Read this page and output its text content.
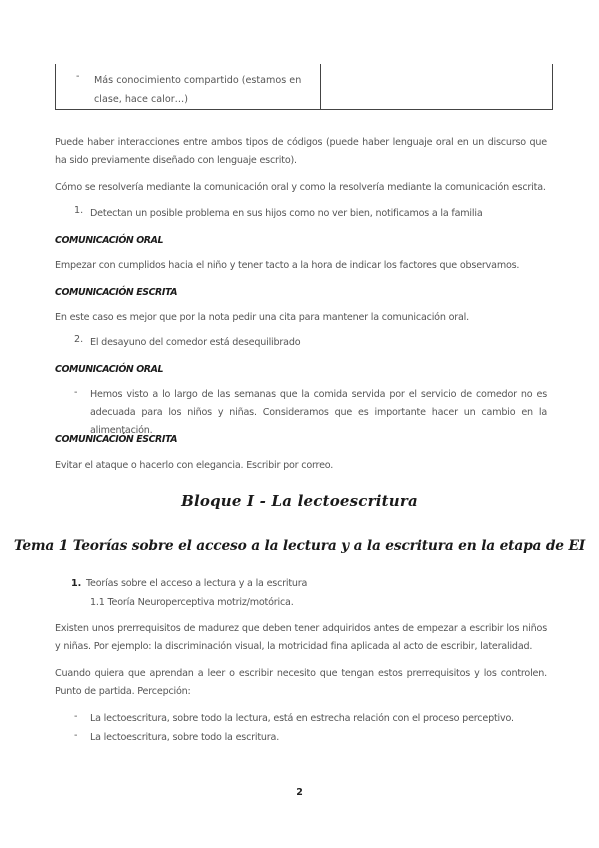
- Más conocimiento compartido (estamos en clase, hace calor…)
Puede haber interacciones entre ambos tipos de códigos (puede haber lenguaje oral en un discurso que ha sido previamente diseñado con lenguaje escrito).
Cómo se resolvería mediante la comunicación oral y como la resolvería mediante la comunicación escrita.
1. Detectan un posible problema en sus hijos como no ver bien, notificamos a la familia
COMUNICACIÓN ORAL
Empezar con cumplidos hacia el niño y tener tacto a la hora de indicar los factores que observamos.
COMUNICACIÓN ESCRITA
En este caso es mejor que por la nota pedir una cita para mantener la comunicación oral.
2. El desayuno del comedor está desequilibrado
COMUNICACIÓN ORAL
- Hemos visto a lo largo de las semanas que la comida servida por el servicio de comedor no es adecuada para los niños y niñas. Consideramos que es importante hacer un cambio en la alimentación.
COMUNICACIÓN ESCRITA
Evitar el ataque o hacerlo con elegancia. Escribir por correo.
Bloque I - La lectoescritura
Tema 1 Teorías sobre el acceso a la lectura y a la escritura en la etapa de EI
1. Teorías sobre el acceso a lectura y a la escritura
1.1 Teoría Neuroperceptiva motriz/motórica.
Existen unos prerrequisitos de madurez que deben tener adquiridos antes de empezar a escribir los niños y niñas. Por ejemplo: la discriminación visual, la motricidad fina aplicada al acto de escribir, lateralidad.
Cuando quiera que aprendan a leer o escribir necesito que tengan estos prerrequisitos y los controlen. Punto de partida. Percepción:
- La lectoescritura, sobre todo la lectura, está en estrecha relación con el proceso perceptivo.
- La lectoescritura, sobre todo la escritura.
2
